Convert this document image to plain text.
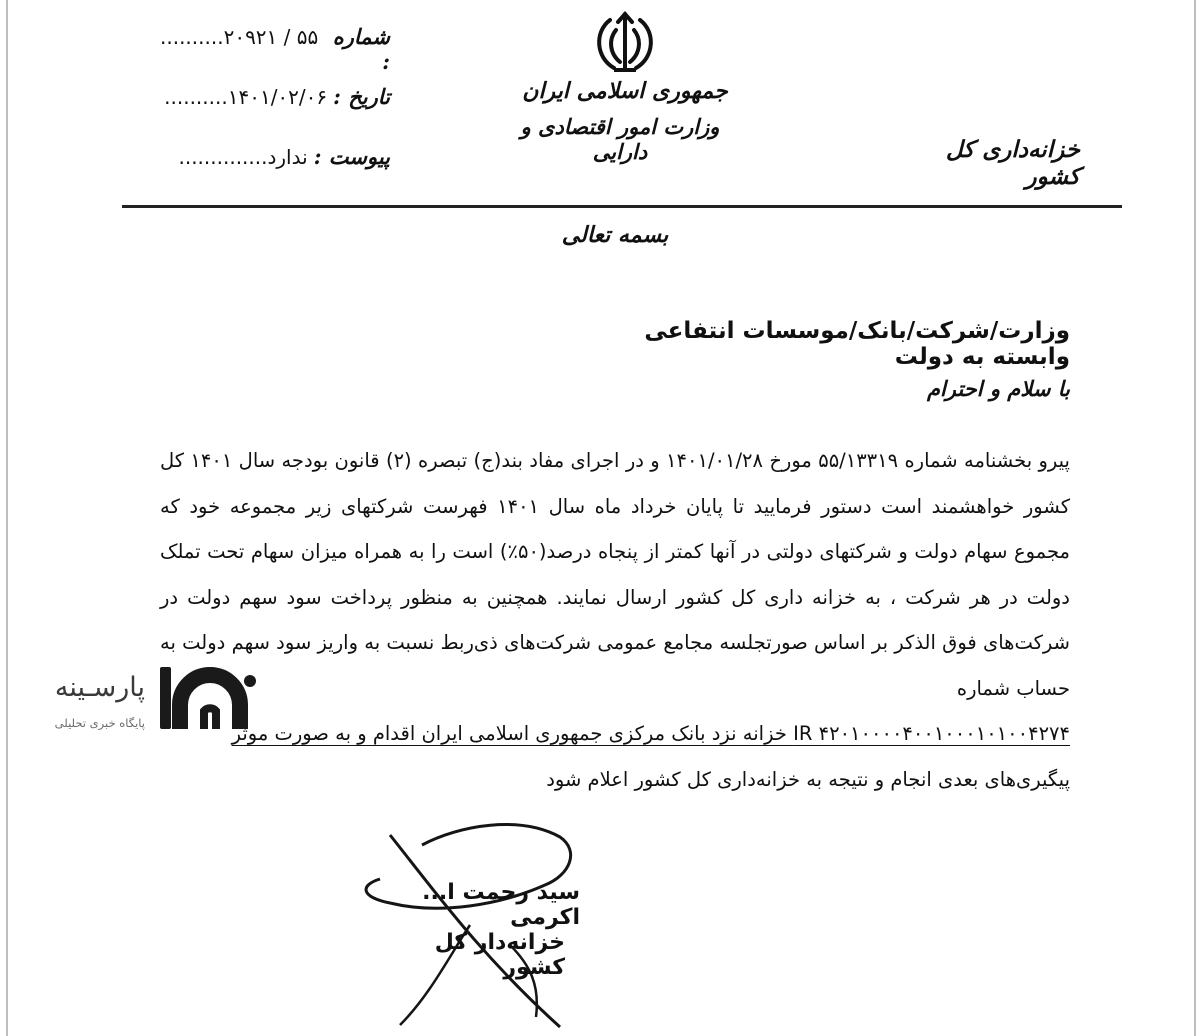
جمهوری اسلامی ایران
وزارت امور اقتصادی و دارایی	خزانه‌داری کل کشور
شماره :
۵۵ / ۲۰۹۲۱..........
تاریخ :
۱۴۰۱/۰۲/۰۶..........
پیوست :
ندارد..............
بسمه تعالی
وزارت/شرکت/بانک/موسسات انتفاعی وابسته به دولت
با سلام و احترام

پیرو بخشنامه شماره ۵۵/۱۳۳۱۹ مورخ ۱۴۰۱/۰۱/۲۸ و در اجرای مفاد بند(ج) تبصره (۲) قانون بودجه سال ۱۴۰۱ کل کشور خواهشمند است دستور فرمایید تا پایان خرداد ماه سال ۱۴۰۱ فهرست شرکتهای زیر مجموعه خود که مجموع سهام دولت و شرکتهای دولتی در آنها کمتر از پنجاه درصد(۵۰٪) است را به همراه میزان سهام تحت تملک دولت در هر شرکت ، به خزانه داری کل کشور ارسال نمایند. همچنین به منظور پرداخت سود سهم دولت در شرکت‌های فوق الذکر بر اساس صورتجلسه مجامع عمومی شرکت‌های ذی‌ربط نسبت به واریز سود سهم دولت به حساب شماره

IR ۴۲۰۱۰۰۰۰۴۰۰۱۰۰۰۱۰۱۰۰۴۲۷۴ خزانه نزد بانک مرکزی جمهوری اسلامی ایران اقدام و به صورت موثر

پیگیری‌های بعدی انجام و نتیجه به خزانه‌داری کل کشور اعلام شود

پارسـینه
پایگاه خبری تحلیلی
سید رحمت ا... اکرمی
خزانه‌دار کل کشور
